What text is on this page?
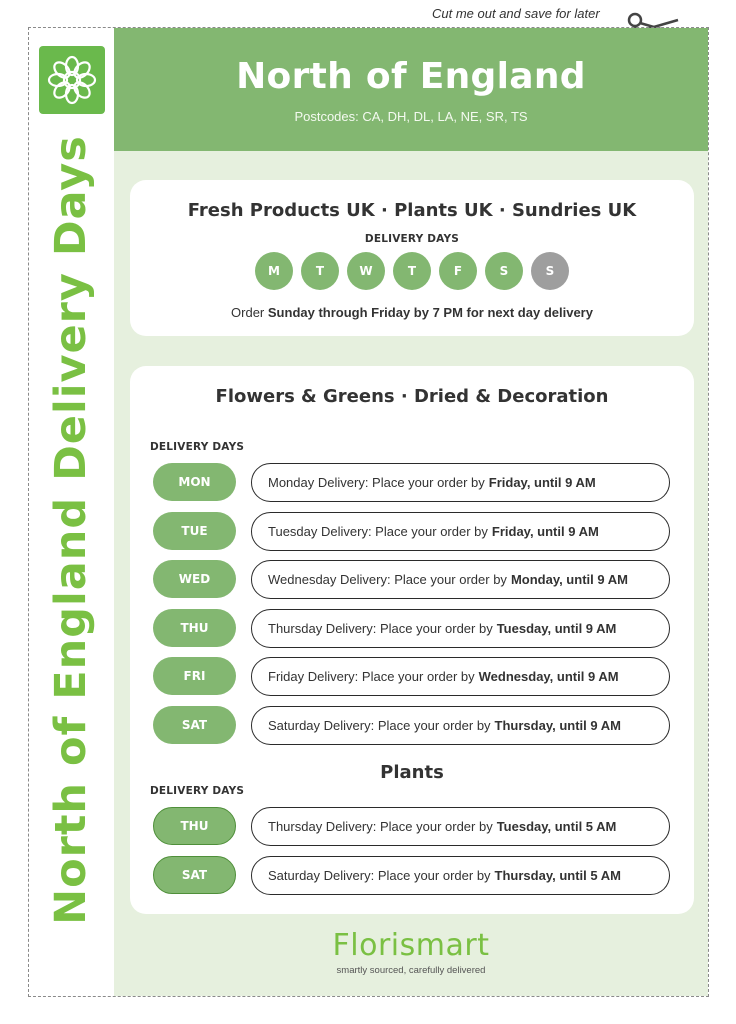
Cut me out and save for later
North of England Delivery Days
North of England
Postcodes: CA, DH, DL, LA, NE, SR, TS
Fresh Products UK · Plants UK · Sundries UK
DELIVERY DAYS
M	T	W	T	F	S	S
Order Sunday through Friday by 7 PM for next day delivery
Flowers & Greens · Dried & Decoration
DELIVERY DAYS
MON	Monday Delivery: Place your order by Friday, until 9 AM
TUE	Tuesday Delivery: Place your order by Friday, until 9 AM
WED	Wednesday Delivery: Place your order by Monday, until 9 AM
THU	Thursday Delivery: Place your order by Tuesday, until 9 AM
FRI	Friday Delivery: Place your order by Wednesday, until 9 AM
SAT	Saturday Delivery: Place your order by Thursday, until 9 AM
Plants
DELIVERY DAYS
THU	Thursday Delivery: Place your order by Tuesday, until 5 AM
SAT	Saturday Delivery: Place your order by Thursday, until 5 AM
Florismart
smartly sourced, carefully delivered
